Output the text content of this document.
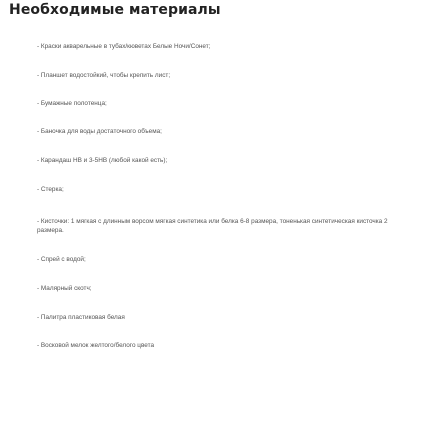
Необходимые материалы

- Краски акварельные в тубах/кюветах Белые Ночи/Сонет;

- Планшет водостойкий, чтобы крепить лист;

- Бумажные полотенца;

- Баночка для воды достаточного объема;

- Карандаш HB и 3-5HB (любой какой есть);

- Стерка;

- Кисточки: 1 мягкая с длинным ворсом мягкая синтетика или белка 6-8 размера, тоненькая синтетическая кисточка 2 размера.

- Спрей с водой;

- Малярный скотч;

- Палитра пластиковая белая

- Восковой мелок желтого/белого цвета
